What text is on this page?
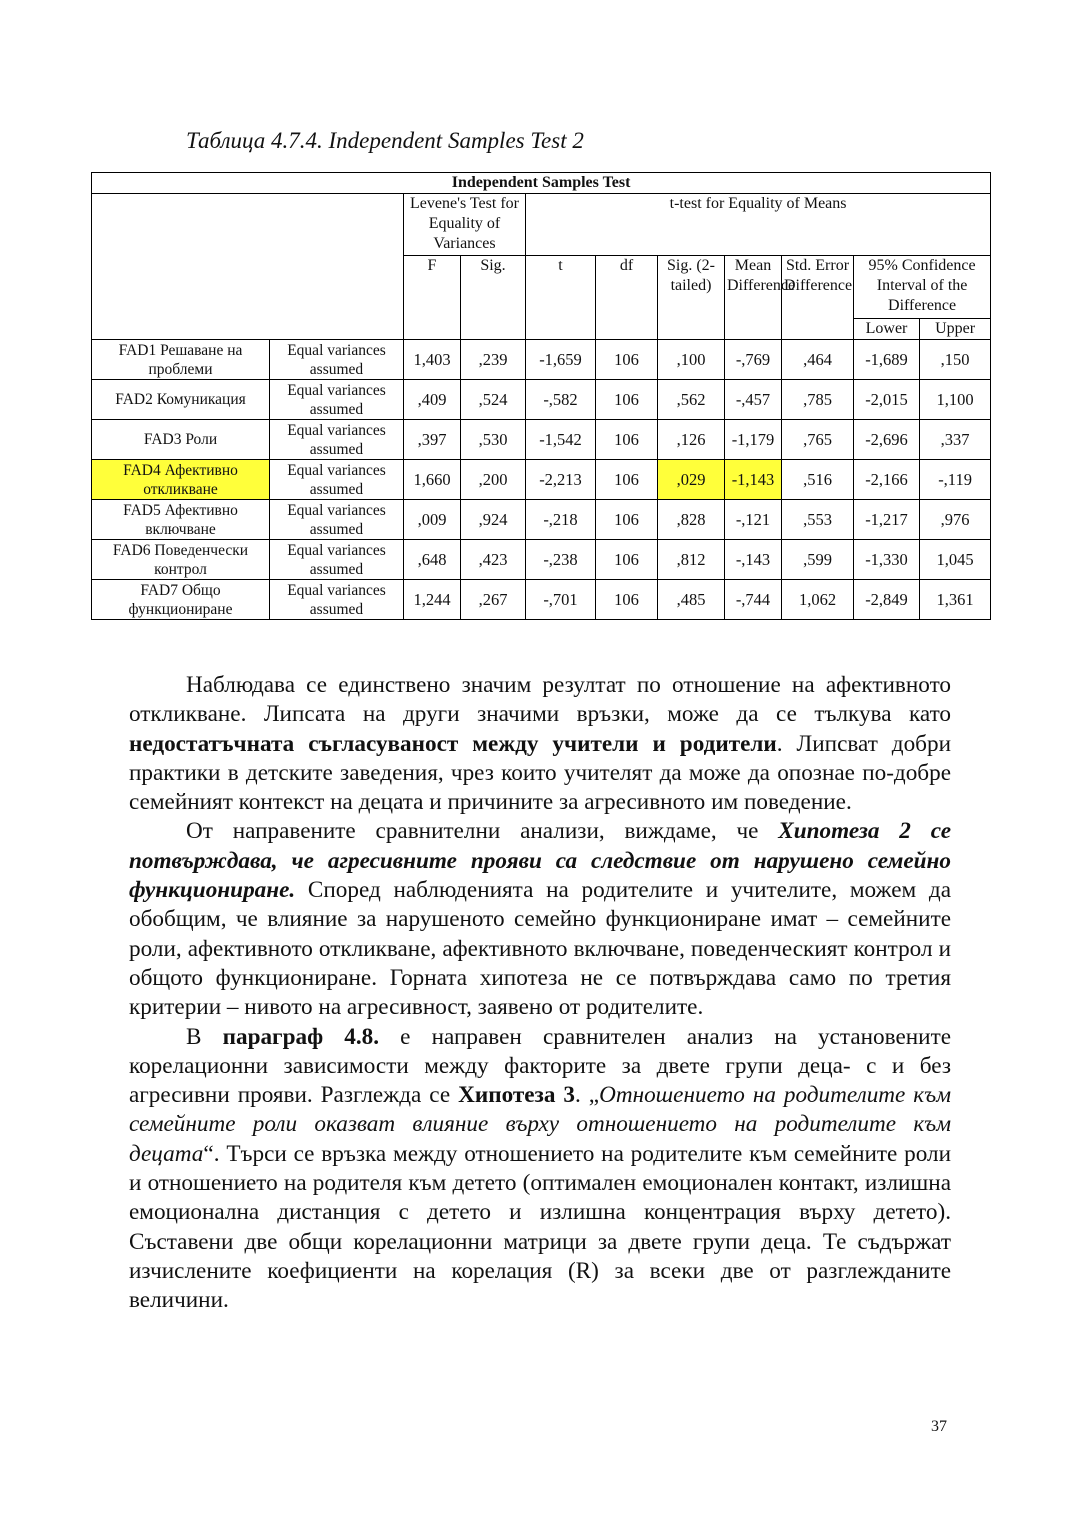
Таблица 4.7.4. Independent Samples Test 2
Independent Samples Test										
		Levene's Test for Equality of Variances		t-test for Equality of Means						
		F	Sig.	t	df	Sig. (2-tailed)	Mean Difference	Std. Error Difference	95% Confidence Interval of the Difference	
									Lower	Upper
FAD1 Решаване на проблеми	Equal variances assumed	1,403	,239	-1,659	106	,100	-,769	,464	-1,689	,150
FAD2 Комуникация	Equal variances assumed	,409	,524	-,582	106	,562	-,457	,785	-2,015	1,100
FAD3 Роли	Equal variances assumed	,397	,530	-1,542	106	,126	-1,179	,765	-2,696	,337
FAD4 Афективно откликване	Equal variances assumed	1,660	,200	-2,213	106	,029	-1,143	,516	-2,166	-,119
FAD5 Афективно включване	Equal variances assumed	,009	,924	-,218	106	,828	-,121	,553	-1,217	,976
FAD6 Поведенчески контрол	Equal variances assumed	,648	,423	-,238	106	,812	-,143	,599	-1,330	1,045
FAD7 Общо функциониране	Equal variances assumed	1,244	,267	-,701	106	,485	-,744	1,062	-2,849	1,361

Наблюдава се единствено значим резултат по отношение на афективното откликване. Липсата на други значими връзки, може да се тълкува като недостатъчната съгласуваност между учители и родители. Липсват добри практики в детските заведения, чрез които учителят да може да опознае по-добре семейният контекст на децата и причините за агресивното им поведение.

От направените сравнителни анализи, виждаме, че Хипотеза 2 се потвърждава, че агресивните прояви са следствие от нарушено семейно функциониране. Според наблюденията на родителите и учителите, можем да обобщим, че влияние за нарушеното семейно функциониране имат – семейните роли, афективното откликване, афективното включване, поведенческият контрол и общото функциониране. Горната хипотеза не се потвърждава само по третия критерии – нивото на агресивност, заявено от родителите.

В параграф 4.8. е направен сравнителен анализ на установените корелационни зависимости между факторите за двете групи деца- с и без агресивни прояви. Разглежда се Хипотеза 3. „Отношението на родителите към семейните роли оказват влияние върху отношението на родителите към децата“. Търси се връзка между отношението на родителите към семейните роли и отношението на родителя към детето (оптимален емоционален контакт, излишна емоционална дистанция с детето и излишна концентрация върху детето). Съставени две общи корелационни матрици за двете групи деца. Те съдържат изчислените коефициенти на корелация (R) за всеки две от разглежданите величини.

37
